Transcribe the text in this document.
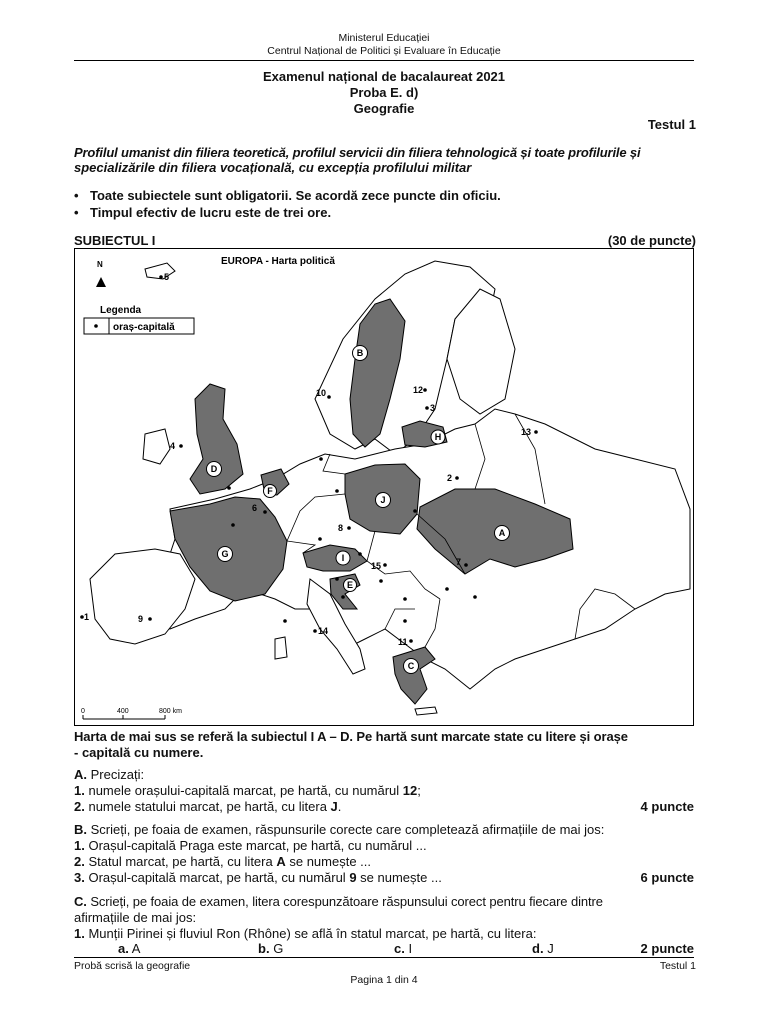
Ministerul Educației
Centrul Național de Politici și Evaluare în Educație
Examenul național de bacalaureat 2021
Proba E. d)
Geografie
Testul 1
Profilul umanist din filiera teoretică, profilul servicii din filiera tehnologică și toate profilurile și
specializările din filiera vocațională, cu excepția profilului militar
• Toate subiectele sunt obligatorii. Se acordă zece puncte din oficiu.
• Timpul efectiv de lucru este de trei ore.
SUBIECTUL I	(30 de puncte)
EUROPA - Harta politică
N
Legenda
oraș-capitală
0	400	800 km
A
B
C
D
E
F
G
H
I
J
1
2
3
4
5
6
7
8
9
10
11
12
13
14
15
Harta de mai sus se referă la subiectul I A – D. Pe hartă sunt marcate state cu litere și orașe
- capitală cu numere.
A. Precizați:
1. numele orașului-capitală marcat, pe hartă, cu numărul 12;
2. numele statului marcat, pe hartă, cu litera J.	4 puncte
B. Scrieți, pe foaia de examen, răspunsurile corecte care completează afirmațiile de mai jos:
1. Orașul-capitală Praga este marcat, pe hartă, cu numărul ...
2. Statul marcat, pe hartă, cu litera A se numește ...
3. Orașul-capitală marcat, pe hartă, cu numărul 9 se numește ...	6 puncte
C. Scrieți, pe foaia de examen, litera corespunzătoare răspunsului corect pentru fiecare dintre
afirmațiile de mai jos:
1. Munții Pirinei și fluviul Ron (Rhône) se află în statul marcat, pe hartă, cu litera:
a. A	b. G	c. I	d. J	2 puncte
Probă scrisă la geografie	Testul 1
Pagina 1 din 4
